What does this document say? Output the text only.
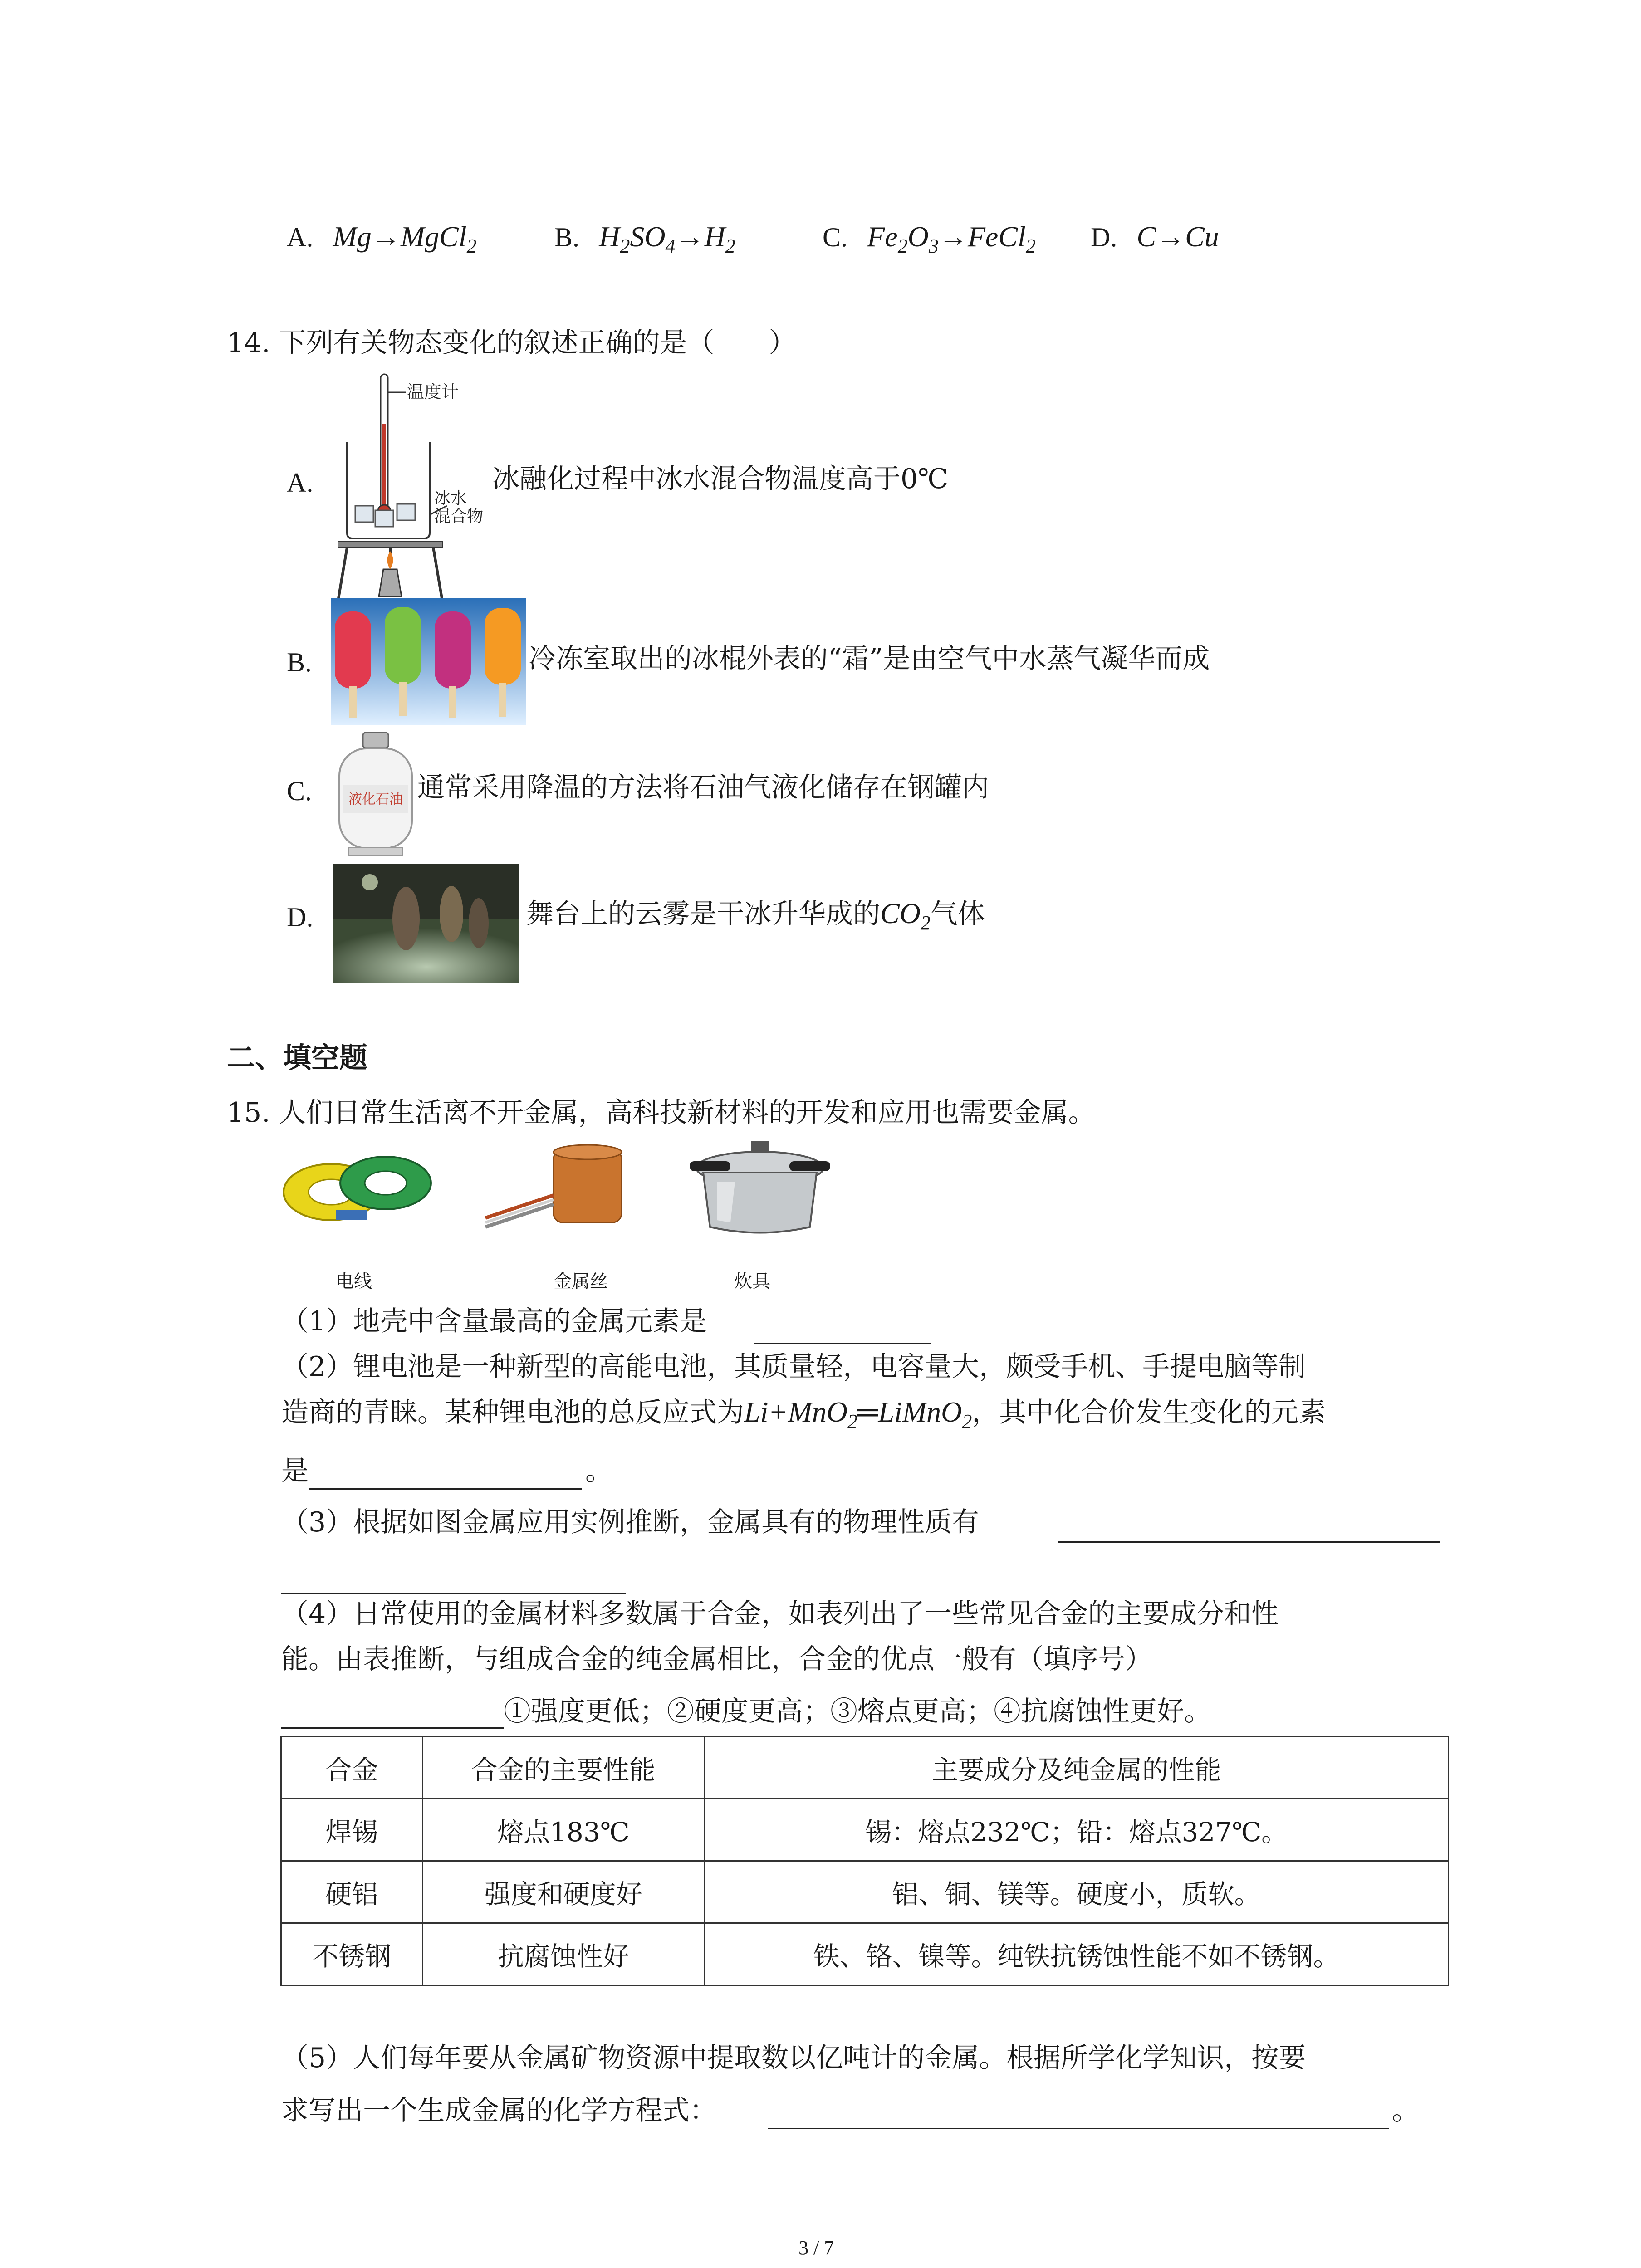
A. Mg→MgCl$_2$	B. $H_2SO_4\to H_2$	C. $Fe_2O_3\to FeCl_2$ D. C→Cu
14. 下列有关物态变化的叙述正确的是（　　）
A.
温度计
冰水
混合物
冰融化过程中冰水混合物温度高于0℃
B.	冷冻室取出的冰棍外表的“霜”是由空气中水蒸气凝华而成
C.	液化石油 通常采用降温的方法将石油气液化储存在钢罐内
D.	舞台上的云雾是干冰升华成的$CO_2$气体
二、填空题
15. 人们日常生活离不开金属，高科技新材料的开发和应用也需要金属。
电线	金属丝	炊具
（1）地壳中含量最高的金属元素是
（2）锂电池是一种新型的高能电池，其质量轻，电容量大，颇受手机、手提电脑等制
造商的青睐。某种锂电池的总反应式为Li+MnO$_2$═LiMnO$_2$，其中化合价发生变化的元素
是	。
（3）根据如图金属应用实例推断，金属具有的物理性质有
（4）日常使用的金属材料多数属于合金，如表列出了一些常见合金的主要成分和性
能。由表推断，与组成合金的纯金属相比，合金的优点一般有（填序号）
①强度更低；②硬度更高；③熔点更高；④抗腐蚀性更好。
合金	合金的主要性能	主要成分及纯金属的性能
焊锡	熔点183℃	锡：熔点232℃；铅：熔点327℃。
硬铝	强度和硬度好	铝、铜、镁等。硬度小，质软。
不锈钢	抗腐蚀性好	铁、铬、镍等。纯铁抗锈蚀性能不如不锈钢。
（5）人们每年要从金属矿物资源中提取数以亿吨计的金属。根据所学化学知识，按要
求写出一个生成金属的化学方程式：	。
3 / 7
